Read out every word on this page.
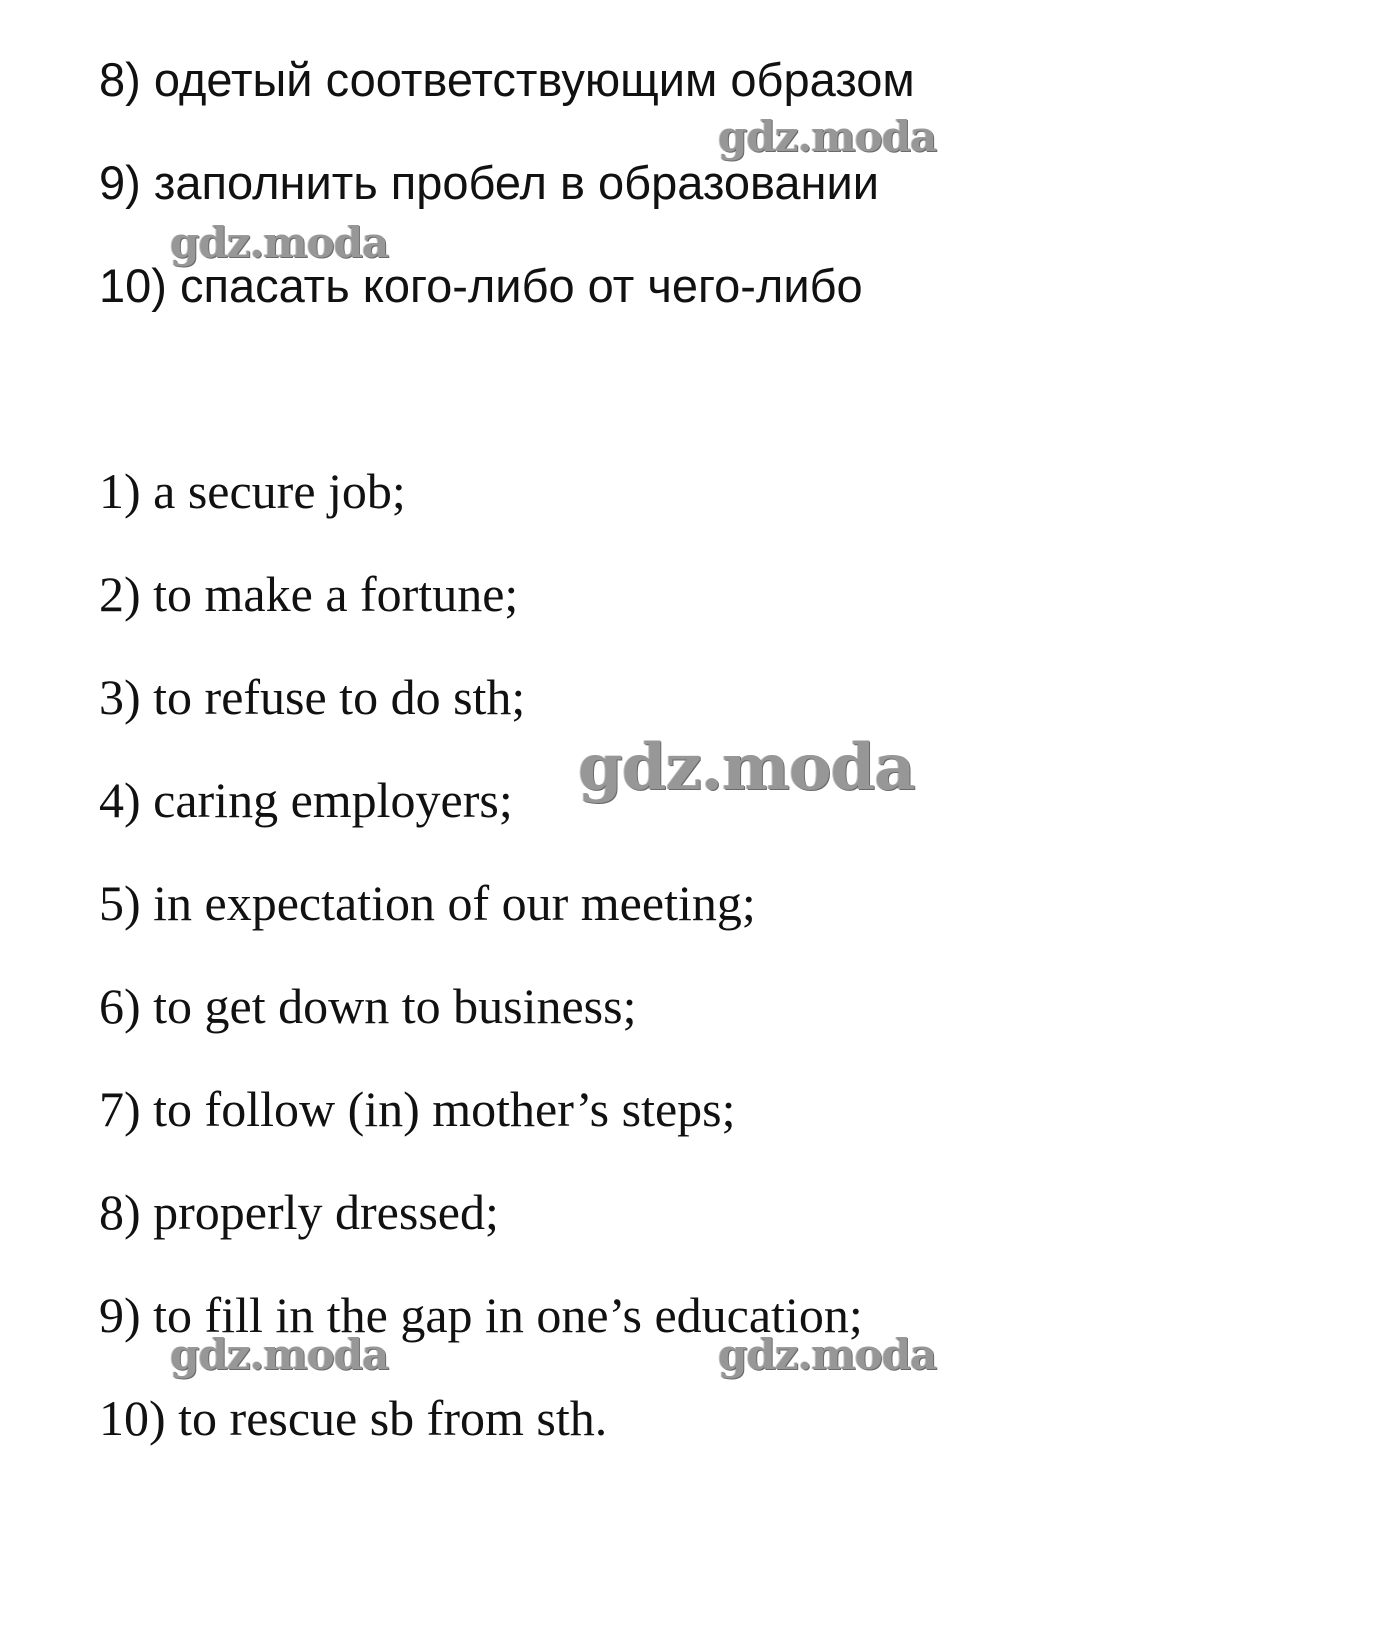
8) одетый соответствующим образом
9) заполнить пробел в образовании
10) спасать кого-либо от чего-либо
1) a secure job;
2) to make a fortune;
3) to refuse to do sth;
4) caring employers;
5) in expectation of our meeting;
6) to get down to business;
7) to follow (in) mother’s steps;
8) properly dressed;
9) to fill in the gap in one’s education;
10) to rescue sb from sth.
gdz.moda
gdz.moda
gdz.moda
gdz.moda	gdz.moda
